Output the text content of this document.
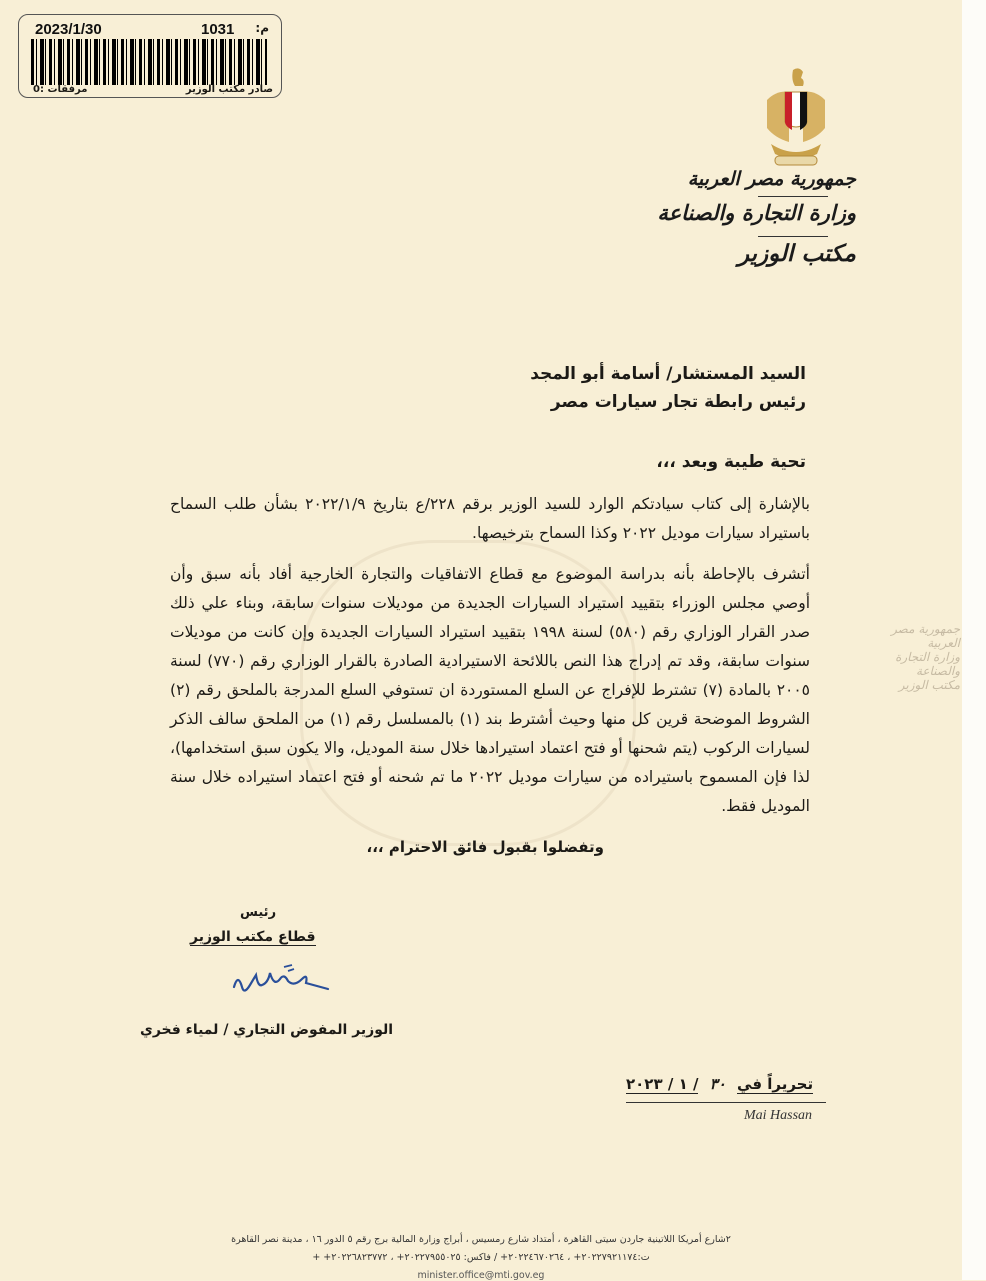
2023/1/30	1031 م:
مرفقات :0	صادر مكتب الوزير
جمهورية مصر العربية
وزارة التجارة والصناعة
مكتب الوزير
السيد المستشار/ أسامة أبو المجد
رئيس رابطة تجار سيارات مصر
تحية طيبة وبعد ،،،
بالإشارة إلى كتاب سيادتكم الوارد للسيد الوزير برقم ٢٢٨/ع بتاريخ ٢٠٢٢/١/٩ بشأن طلب السماح باستيراد سيارات موديل ٢٠٢٢ وكذا السماح بترخيصها.
أتشرف بالإحاطة بأنه بدراسة الموضوع مع قطاع الاتفاقيات والتجارة الخارجية أفاد بأنه سبق وأن أوصي مجلس الوزراء بتقييد استيراد السيارات الجديدة من موديلات سنوات سابقة، وبناء علي ذلك صدر القرار الوزاري رقم (٥٨٠) لسنة ١٩٩٨ بتقييد استيراد السيارات الجديدة وإن كانت من موديلات سنوات سابقة، وقد تم إدراج هذا النص باللائحة الاستيرادية الصادرة بالقرار الوزاري رقم (٧٧٠) لسنة ٢٠٠٥ بالمادة (٧) تشترط للإفراج عن السلع المستوردة ان تستوفي السلع المدرجة بالملحق رقم (٢) الشروط الموضحة قرين كل منها وحيث أشترط بند (١) بالمسلسل رقم (١) من الملحق سالف الذكر لسيارات الركوب (يتم شحنها أو فتح اعتماد استيرادها خلال سنة الموديل، والا يكون سبق استخدامها)، لذا فإن المسموح باستيراده من سيارات موديل ٢٠٢٢ ما تم شحنه أو فتح اعتماد استيراده خلال سنة الموديل فقط.
جمهورية مصر العربية
وزارة التجارة والصناعة
مكتب الوزير
وتفضلوا بقبول فائق الاحترام ،،،
رئيس
قطاع مكتب الوزير
الوزير المفوض التجاري / لمياء فخري
تحريراً في ٣٠ / ١ / ٢٠٢٣
Mai Hassan
٢شارع أمريكا اللاتينية جاردن سيتى القاهرة ، أمتداد شارع رمسيس ، أبراج وزارة المالية برج رقم ٥ الدور ١٦ ، مدينة نصر القاهرة
ت:٢٠٢٢٧٩٢١١٧٤+ ، ٢٠٢٢٤٦٧٠٢٦٤+ / فاكس: ٢٠٢٢٧٩٥٥٠٢٥+ ، ٢٠٢٢٦٨٢٣٧٧٢+ +
minister.office@mti.gov.eg
